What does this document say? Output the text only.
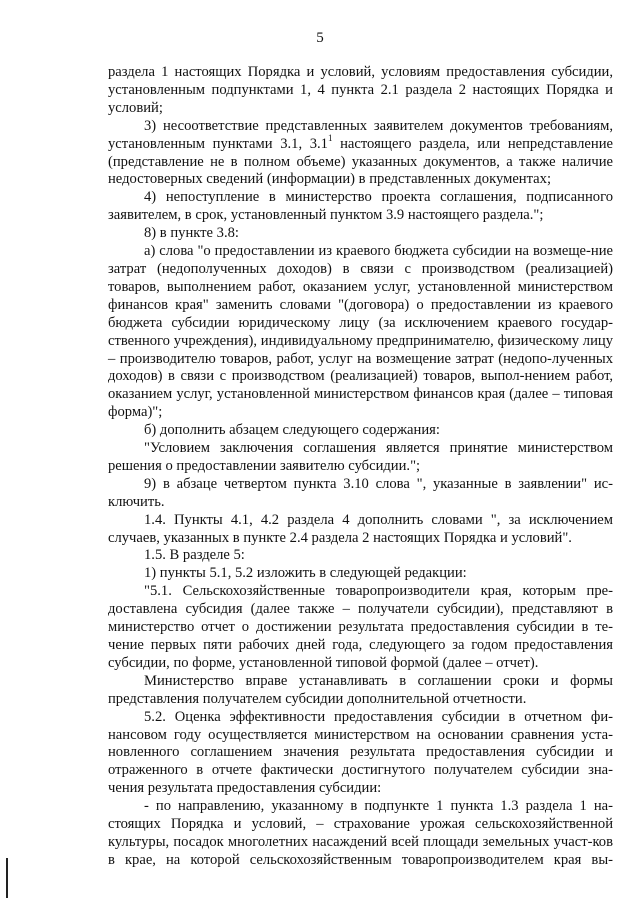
5

раздела 1 настоящих Порядка и условий, условиям предоставления субсидии, установленным подпунктами 1, 4 пункта 2.1 раздела 2 настоящих Порядка и условий;

3) несоответствие представленных заявителем документов требованиям, установленным пунктами 3.1, $3.1^1$ настоящего раздела, или непредставление (представление не в полном объеме) указанных документов, а также наличие недостоверных сведений (информации) в представленных документах;

4) непоступление в министерство проекта соглашения, подписанного заявителем, в срок, установленный пунктом 3.9 настоящего раздела.";

8) в пункте 3.8:

а) слова "о предоставлении из краевого бюджета субсидии на возмеще-ние затрат (недополученных доходов) в связи с производством (реализацией) товаров, выполнением работ, оказанием услуг, установленной министерством финансов края" заменить словами "(договора) о предоставлении из краевого бюджета субсидии юридическому лицу (за исключением краевого государ-ственного учреждения), индивидуальному предпринимателю, физическому лицу – производителю товаров, работ, услуг на возмещение затрат (недопо-лученных доходов) в связи с производством (реализацией) товаров, выпол-нением работ, оказанием услуг, установленной министерством финансов края (далее – типовая форма)";

б) дополнить абзацем следующего содержания:

"Условием заключения соглашения является принятие министерством решения о предоставлении заявителю субсидии.";

9) в абзаце четвертом пункта 3.10 слова ", указанные в заявлении" ис-ключить.

1.4. Пункты 4.1, 4.2 раздела 4 дополнить словами ", за исключением случаев, указанных в пункте 2.4 раздела 2 настоящих Порядка и условий".

1.5. В разделе 5:

1) пункты 5.1, 5.2 изложить в следующей редакции:

"5.1. Сельскохозяйственные товаропроизводители края, которым пре-доставлена субсидия (далее также – получатели субсидии), представляют в министерство отчет о достижении результата предоставления субсидии в те-чение первых пяти рабочих дней года, следующего за годом предоставления субсидии, по форме, установленной типовой формой (далее – отчет).

Министерство вправе устанавливать в соглашении сроки и формы представления получателем субсидии дополнительной отчетности.

5.2. Оценка эффективности предоставления субсидии в отчетном фи-нансовом году осуществляется министерством на основании сравнения уста-новленного соглашением значения результата предоставления субсидии и отраженного в отчете фактически достигнутого получателем субсидии зна-чения результата предоставления субсидии:

- по направлению, указанному в подпункте 1 пункта 1.3 раздела 1 на-стоящих Порядка и условий, – страхование урожая сельскохозяйственной культуры, посадок многолетних насаждений всей площади земельных участ-ков в крае, на которой сельскохозяйственным товаропроизводителем края вы-
